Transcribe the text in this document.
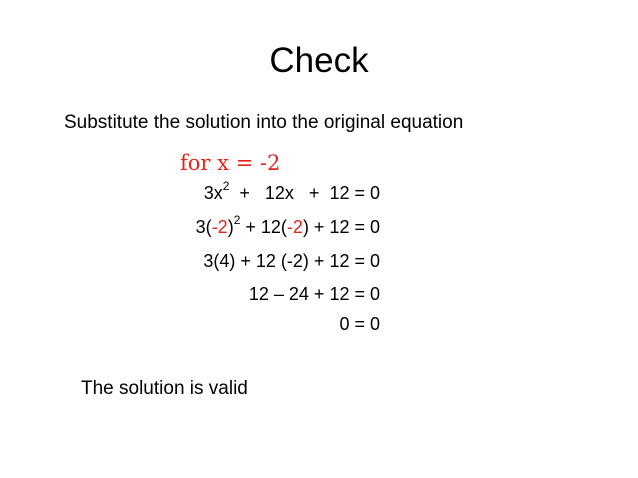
Check
Substitute the solution into the original equation
for x = -2
$3x^2 + 12x + 12 = 0$
$3(-2)^2 + 12(-2) + 12 = 0$
3(4) + 12 (-2) + 12 = 0
12 – 24 + 12 = 0
0 = 0
The solution is valid
